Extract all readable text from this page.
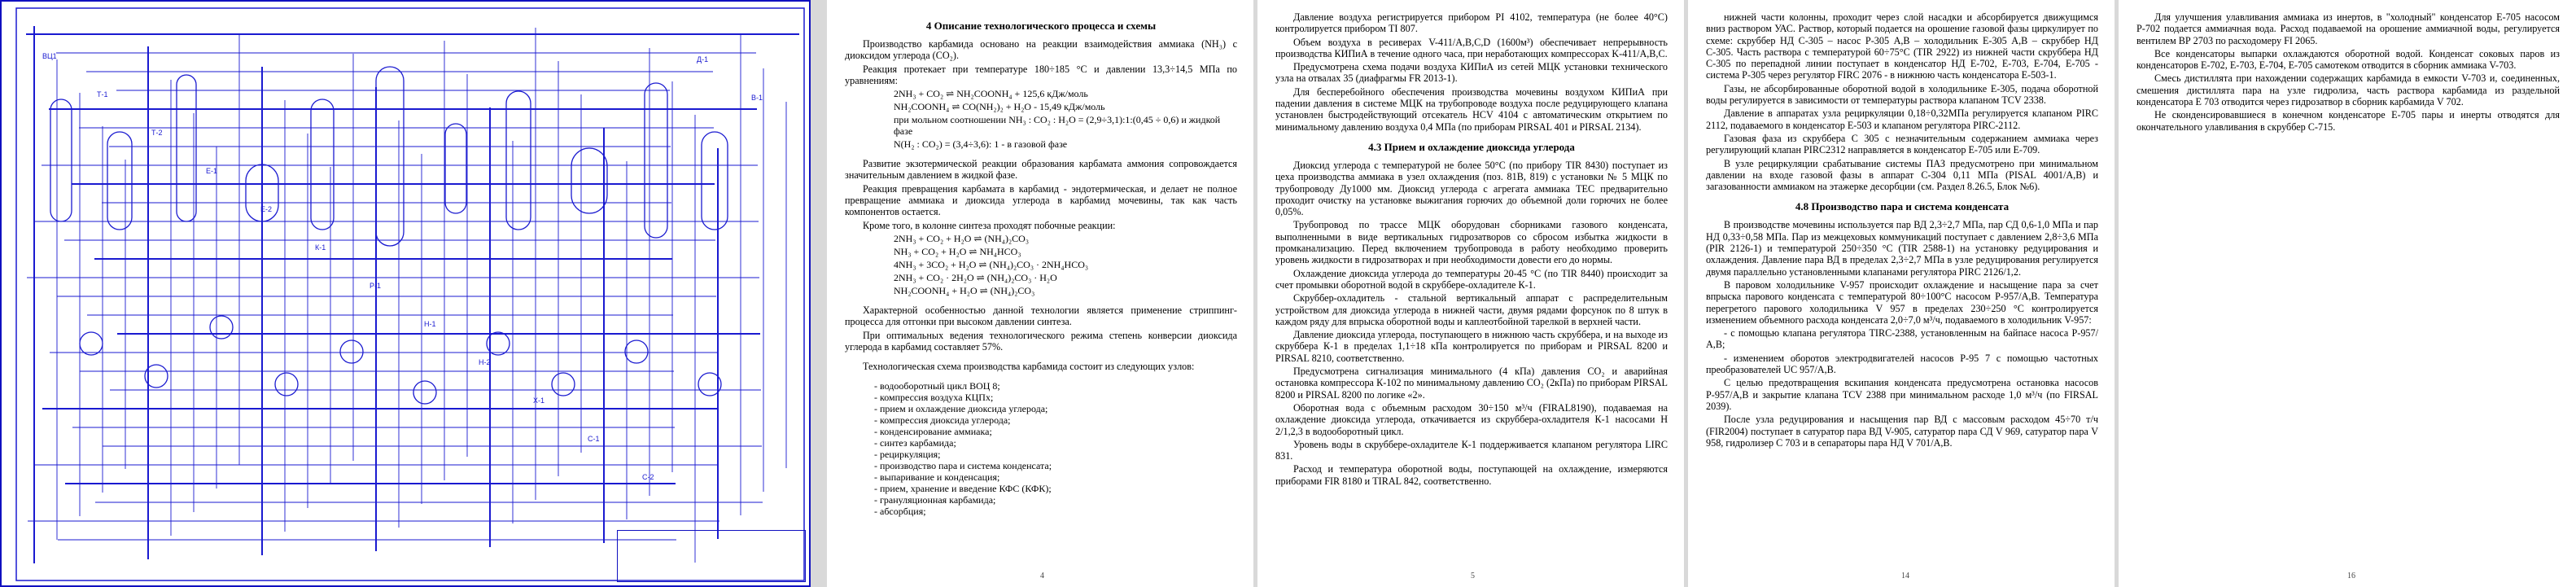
ВЦ1
Т-1
Т-2
Е-1
Е-2
К-1
Р-1
Н-1
Н-2
Х-1
С-1
С-2
Д-1
В-1
4 Описание технологического процесса и схемы

Производство карбамида основано на реакции взаимодействия аммиака (NH₃) с диоксидом углерода (CO₂).

Реакция протекает при температуре 180÷185 °С и давлении 13,3÷14,5 МПа по уравнениям:

2NH₃ + CO₂ ⇌ NH₂COONH₄ + 125,6 кДж/моль

NH₂COONH₄ ⇌ CO(NH₂)₂ + H₂O - 15,49 кДж/моль

при мольном соотношении NH₃ : CO₂ : H₂O = (2,9÷3,1):1:(0,45 ÷ 0,6) и жидкой фазе

N(H₂ : CO₂) = (3,4÷3,6): 1 - в газовой фазе

Развитие экзотермической реакции образования карбамата аммония сопровождается значительным давлением в жидкой фазе.

Реакция превращения карбамата в карбамид - эндотермическая, и делает не полное превращение аммиака и диоксида углерода в карбамид мочевины, так как часть компонентов остается.

Кроме того, в колонне синтеза проходят побочные реакции:

2NH₃ + CO₂ + H₂O ⇌ (NH₄)₂CO₃

NH₃ + CO₂ + H₂O ⇌ NH₄HCO₃

4NH₃ + 3CO₂ + H₂O ⇌ (NH₄)₂CO₃ · 2NH₄HCO₃

2NH₃ + CO₂ · 2H₂O ⇌ (NH₄)₂CO₃ · H₂O

NH₂COONH₄ + H₂O ⇌ (NH₄)₂CO₃

Характерной особенностью данной технологии является применение стриппинг-процесса для отгонки при высоком давлении синтеза.

При оптимальных ведения технологического режима степень конверсии диоксида углерода в карбамид составляет 57%.

Технологическая схема производства карбамида состоит из следующих узлов:

- водооборотный цикл ВОЦ 8;

- компрессия воздуха КЦПх;

- прием и охлаждение диоксида углерода;

- компрессия диоксида углерода;

- конденсирование аммиака;

- синтез карбамида;

- рециркуляция;

- производство пара и система конденсата;

- выпаривание и конденсация;

- прием, хранение и введение КФС (КФК);

- грануляционная карбамида;

- абсорбция;

4

Давление воздуха регистрируется прибором PI 4102, температура (не более 40°С) контролируется прибором TI 807.

Объем воздуха в ресиверах V-411/A,B,C,D (1600м³) обеспечивает непрерывность производства КИПиА в течение одного часа, при неработающих компрессорах K-411/A,B,C.

Предусмотрена схема подачи воздуха КИПиА из сетей МЦК установки технического узла на отвалах 35 (диафрагмы FR 2013-1).

Для бесперебойного обеспечения производства мочевины воздухом КИПиА при падении давления в системе МЦК на трубопроводе воздуха после редуцирующего клапана установлен быстродействующий отсекатель HCV 4104 с автоматическим открытием по минимальному давлению воздуха 0,4 МПа (по приборам PIRSAL 401 и PIRSAL 2134).

4.3 Прием и охлаждение диоксида углерода

Диоксид углерода с температурой не более 50°С (по прибору TIR 8430) поступает из цеха производства аммиака в узел охлаждения (поз. 81В, 819) с установки № 5 МЦК по трубопроводу Ду1000 мм. Диоксид углерода с агрегата аммиака ТЕС предварительно проходит очистку на установке выжигания горючих до объемной доли горючих не более 0,05%.

Трубопровод по трассе МЦК оборудован сборниками газового конденсата, выполненными в виде вертикальных гидрозатворов со сбросом избытка жидкости в промканализацию. Перед включением трубопровода в работу необходимо проверить уровень жидкости в гидрозатворах и при необходимости довести его до нормы.

Охлаждение диоксида углерода до температуры 20-45 °С (по TIR 8440) происходит за счет промывки оборотной водой в скруббере-охладителе К-1.

Скруббер-охладитель - стальной вертикальный аппарат с распределительным устройством для диоксида углерода в нижней части, двумя рядами форсунок по 8 штук в каждом ряду для впрыска оборотной воды и каплеотбойной тарелкой в верхней части.

Давление диоксида углерода, поступающего в нижнюю часть скруббера, и на выходе из скруббера К-1 в пределах 1,1÷18 кПа контролируется по приборам и PIRSAL 8200 и PIRSAL 8210, соответственно.

Предусмотрена сигнализация минимального (4 кПа) давления CO₂ и аварийная остановка компрессора К-102 по минимальному давлению CO₂ (2кПа) по приборам PIRSAL 8200 и PIRSAL 8200 по логике «2».

Оборотная вода с объемным расходом 30÷150 м³/ч (FIRAL8190), подаваемая на охлаждение диоксида углерода, откачивается из скруббера-охладителя К-1 насосами Н 2/1,2,3 в водооборотный цикл.

Уровень воды в скруббере-охладителе К-1 поддерживается клапаном регулятора LIRC 831.

Расход и температура оборотной воды, поступающей на охлаждение, измеряются приборами FIR 8180 и TIRAL 842, соответственно.

5

нижней части колонны, проходит через слой насадки и абсорбируется движущимся вниз раствором УАС. Раствор, который подается на орошение газовой фазы циркулирует по схеме: скруббер НД С-305 – насос Р-305 A,B – холодильник Е-305 A,B – скруббер НД С-305. Часть раствора с температурой 60÷75°С (TIR 2922) из нижней части скруббера НД С-305 по перепадной линии поступает в конденсатор НД Е-702, Е-703, Е-704, Е-705 - система Р-305 через регулятор FIRC 2076 - в нижнюю часть конденсатора Е-503-1.

Газы, не абсорбированные оборотной водой в холодильнике Е-305, подача оборотной воды регулируется в зависимости от температуры раствора клапаном TCV 2338.

Давление в аппаратах узла рециркуляции 0,18÷0,32МПа регулируется клапаном PIRC 2112, подаваемого в конденсатор Е-503 и клапаном регулятора PIRC-2112.

Газовая фаза из скруббера С 305 с незначительным содержанием аммиака через регулирующий клапан PIRC2312 направляется в конденсатор Е-705 или Е-709.

В узле рециркуляции срабатывание системы ПАЗ предусмотрено при минимальном давлении на входе газовой фазы в аппарат С-304 0,11 МПа (PISAL 4001/А,В) и загазованности аммиаком на этажерке десорбции (см. Раздел 8.26.5, Блок №6).

4.8 Производство пара и система конденсата

В производстве мочевины используется пар ВД 2,3÷2,7 МПа, пар СД 0,6-1,0 МПа и пар НД 0,33÷0,58 МПа. Пар из межцеховых коммуникаций поступает с давлением 2,8÷3,6 МПа (PIR 2126-1) и температурой 250÷350 °С (TIR 2588-1) на установку редуцирования и охлаждения. Давление пара ВД в пределах 2,3÷2,7 МПа в узле редуцирования регулируется двумя параллельно установленными клапанами регулятора PIRC 2126/1,2.

В паровом холодильнике V-957 происходит охлаждение и насыщение пара за счет впрыска парового конденсата с температурой 80÷100°С насосом Р-957/А,В. Температура перегретого парового холодильника V 957 в пределах 230÷250 °С контролируется изменением объемного расхода конденсата 2,0÷7,0 м³/ч, подаваемого в холодильник V-957:

- с помощью клапана регулятора TIRC-2388, установленным на байпасе насоса Р-957/А,В;

- изменением оборотов электродвигателей насосов Р-95 7 с помощью частотных преобразователей UC 957/А,В.

С целью предотвращения вскипания конденсата предусмотрена остановка насосов Р-957/А,В и закрытие клапана TCV 2388 при минимальном расходе 1,0 м³/ч (по FIRSAL 2039).

После узла редуцирования и насыщения пар ВД с массовым расходом 45÷70 т/ч (FIR2004) поступает в сатуратор пара ВД V-905, сатуратор пара СД V 969, сатуратор пара V 958, гидролизер С 703 и в сепараторы пара НД V 701/А,В.

14

Для улучшения улавливания аммиака из инертов, в "холодный" конденсатор Е-705 насосом Р-702 подается аммиачная вода. Расход подаваемой на орошение аммиачной воды, регулируется вентилем ВР 2703 по расходомеру FI 2065.

Все конденсаторы выпарки охлаждаются оборотной водой. Конденсат соковых паров из конденсаторов Е-702, Е-703, Е-704, Е-705 самотеком отводится в сборник аммиака V-703.

Смесь дистиллята при нахождении содержащих карбамида в емкости V-703 и, соединенных, смешения дистиллята пара на узле гидролиза, часть раствора карбамида из раздельной конденсатора Е 703 отводится через гидрозатвор в сборник карбамида V 702.

Не сконденсировавшиеся в конечном конденсаторе Е-705 пары и инерты отводятся для окончательного улавливания в скруббер С-715.

16
